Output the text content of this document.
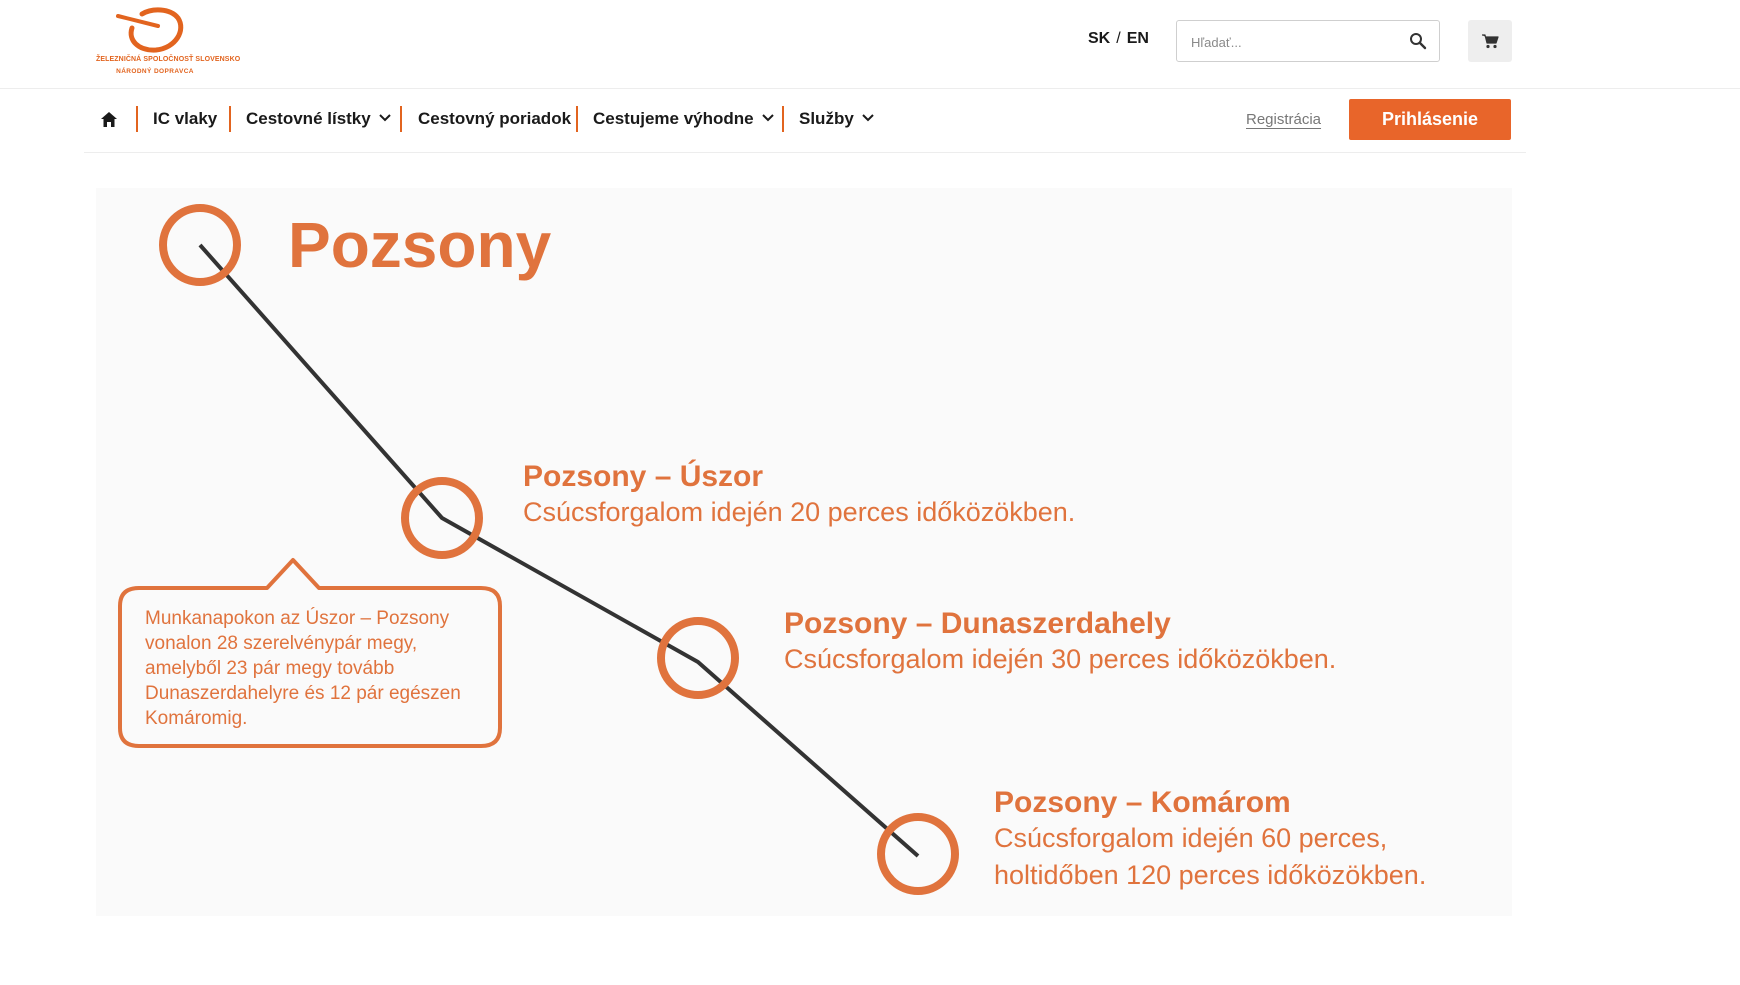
ŽELEZNIČNÁ SPOLOČNOSŤ SLOVENSKO
NÁRODNÝ DOPRAVCA
SK / EN
Hľadať...
IC vlaky Cestovné lístky	Cestovný poriadok Cestujeme výhodne	Služby	Registrácia	Prihlásenie
Pozsony
Pozsony – Úszor
Csúcsforgalom idején 20 perces időközökben.
Pozsony – Dunaszerdahely
Csúcsforgalom idején 30 perces időközökben.
Pozsony – Komárom
Csúcsforgalom idején 60 perces,
holtidőben 120 perces időközökben.
Munkanapokon az Úszor – Pozsony vonalon 28 szerelvénypár megy, amelyből 23 pár megy tovább Dunaszerdahelyre és 12 pár egészen Komáromig.
